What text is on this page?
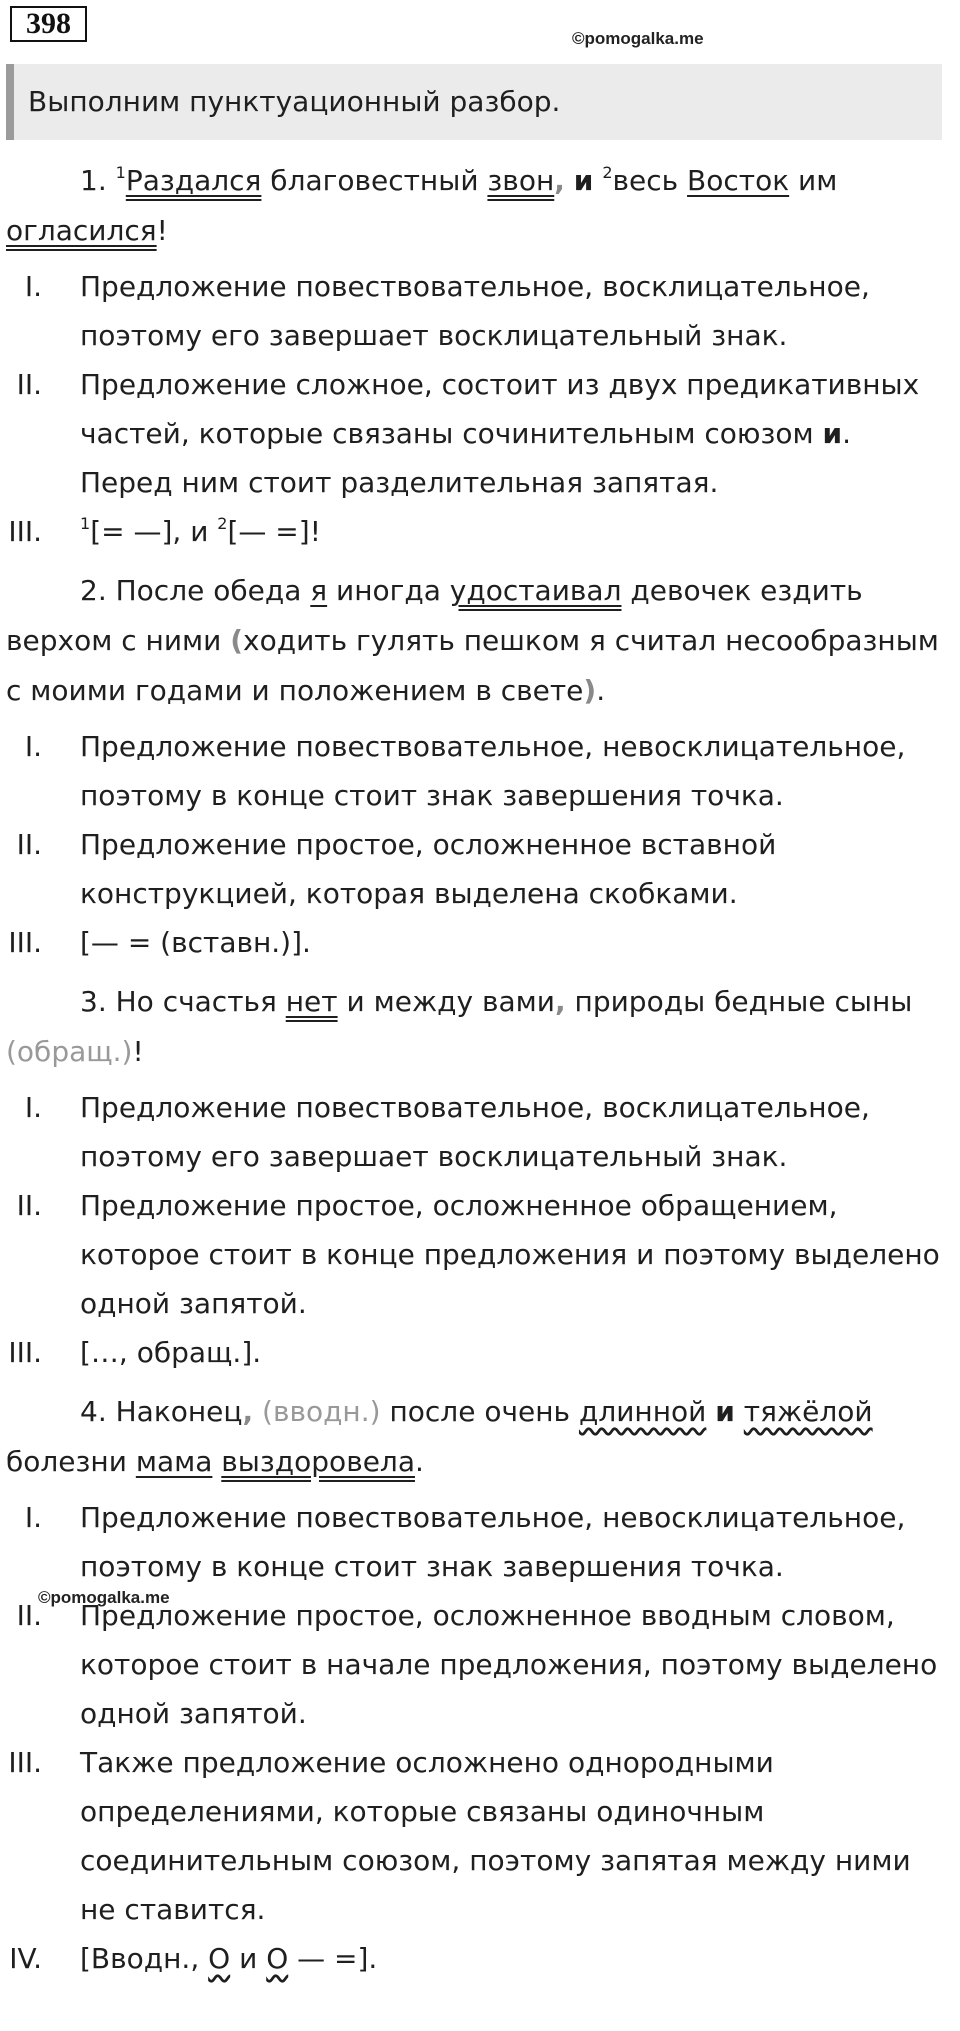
398	©pomogalka.me
Выполним пунктуационный разбор.
©pomogalka.me

1. $^1$Раздался благовестный звон, и $^2$весь Восток им огласился!

I. Предложение повествовательное, восклицательное, поэтому его завершает восклицательный знак.
II. Предложение сложное, состоит из двух предикативных частей, которые связаны сочинительным союзом и. Перед ним стоит разделительная запятая.
III. $^1$[= —], и $^2$[— =]!

2. После обеда я иногда удостаивал девочек ездить верхом с ними (ходить гулять пешком я считал несообразным с моими годами и положением в свете).

I. Предложение повествовательное, невосклицательное, поэтому в конце стоит знак завершения точка.
II. Предложение простое, осложненное вставной конструкцией, которая выделена скобками.
III. [— = (вставн.)].

3. Но счастья нет и между вами, природы бедные сыны (обращ.)!

I. Предложение повествовательное, восклицательное, поэтому его завершает восклицательный знак.
II. Предложение простое, осложненное обращением, которое стоит в конце предложения и поэтому выделено одной запятой.
III. […, обращ.].

4. Наконец, (вводн.) после очень длинной и тяжёлой болезни мама выздоровела.

I. Предложение повествовательное, невосклицательное, поэтому в конце стоит знак завершения точка.
II. Предложение простое, осложненное вводным словом, которое стоит в начале предложения, поэтому выделено одной запятой.
III. Также предложение осложнено однородными определениями, которые связаны одиночным соединительным союзом, поэтому запятая между ними не ставится.
IV. [Вводн., О и О — =].
